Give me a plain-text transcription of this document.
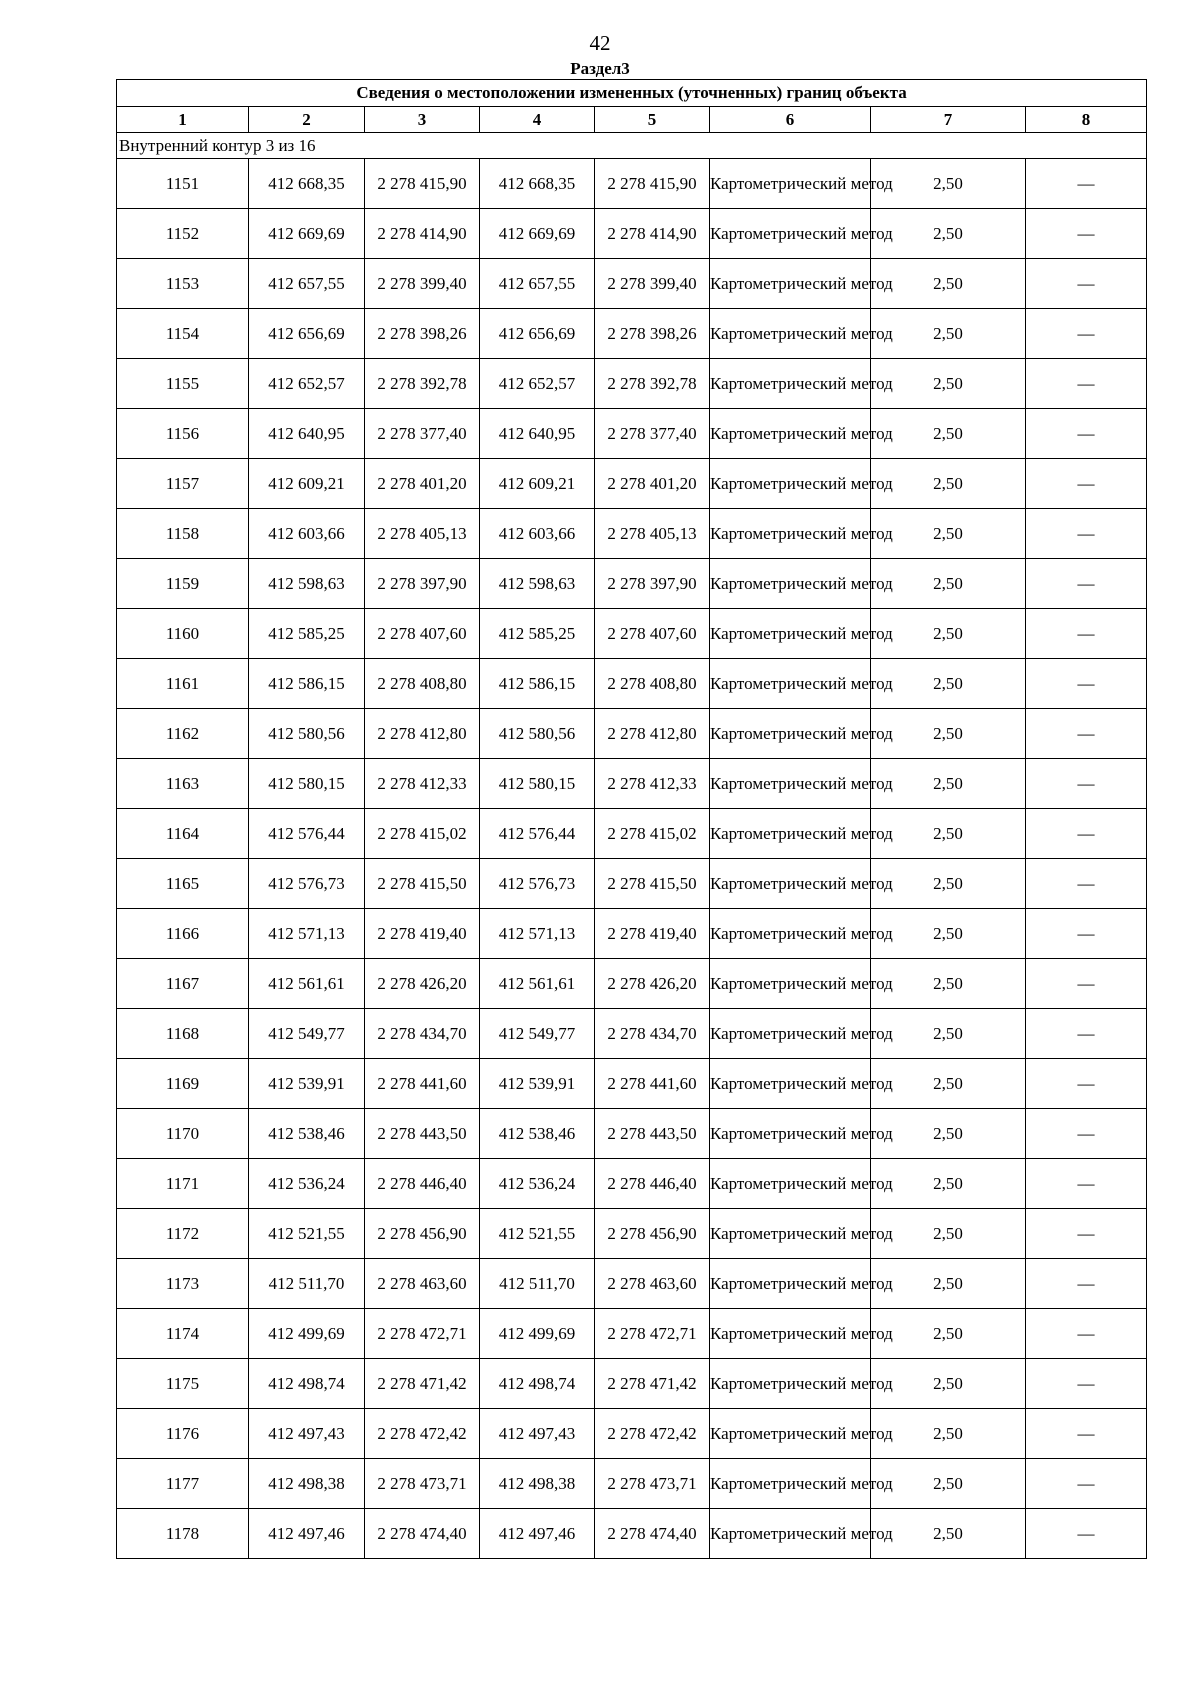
42
Раздел3
Сведения о местоположении измененных (уточненных) границ объекта							
1	2	3	4	5	6	7	8
Внутренний контур 3 из 16							
1151	412 668,35	2 278 415,90	412 668,35	2 278 415,90	Картометрический метод	2,50	—
1152	412 669,69	2 278 414,90	412 669,69	2 278 414,90	Картометрический метод	2,50	—
1153	412 657,55	2 278 399,40	412 657,55	2 278 399,40	Картометрический метод	2,50	—
1154	412 656,69	2 278 398,26	412 656,69	2 278 398,26	Картометрический метод	2,50	—
1155	412 652,57	2 278 392,78	412 652,57	2 278 392,78	Картометрический метод	2,50	—
1156	412 640,95	2 278 377,40	412 640,95	2 278 377,40	Картометрический метод	2,50	—
1157	412 609,21	2 278 401,20	412 609,21	2 278 401,20	Картометрический метод	2,50	—
1158	412 603,66	2 278 405,13	412 603,66	2 278 405,13	Картометрический метод	2,50	—
1159	412 598,63	2 278 397,90	412 598,63	2 278 397,90	Картометрический метод	2,50	—
1160	412 585,25	2 278 407,60	412 585,25	2 278 407,60	Картометрический метод	2,50	—
1161	412 586,15	2 278 408,80	412 586,15	2 278 408,80	Картометрический метод	2,50	—
1162	412 580,56	2 278 412,80	412 580,56	2 278 412,80	Картометрический метод	2,50	—
1163	412 580,15	2 278 412,33	412 580,15	2 278 412,33	Картометрический метод	2,50	—
1164	412 576,44	2 278 415,02	412 576,44	2 278 415,02	Картометрический метод	2,50	—
1165	412 576,73	2 278 415,50	412 576,73	2 278 415,50	Картометрический метод	2,50	—
1166	412 571,13	2 278 419,40	412 571,13	2 278 419,40	Картометрический метод	2,50	—
1167	412 561,61	2 278 426,20	412 561,61	2 278 426,20	Картометрический метод	2,50	—
1168	412 549,77	2 278 434,70	412 549,77	2 278 434,70	Картометрический метод	2,50	—
1169	412 539,91	2 278 441,60	412 539,91	2 278 441,60	Картометрический метод	2,50	—
1170	412 538,46	2 278 443,50	412 538,46	2 278 443,50	Картометрический метод	2,50	—
1171	412 536,24	2 278 446,40	412 536,24	2 278 446,40	Картометрический метод	2,50	—
1172	412 521,55	2 278 456,90	412 521,55	2 278 456,90	Картометрический метод	2,50	—
1173	412 511,70	2 278 463,60	412 511,70	2 278 463,60	Картометрический метод	2,50	—
1174	412 499,69	2 278 472,71	412 499,69	2 278 472,71	Картометрический метод	2,50	—
1175	412 498,74	2 278 471,42	412 498,74	2 278 471,42	Картометрический метод	2,50	—
1176	412 497,43	2 278 472,42	412 497,43	2 278 472,42	Картометрический метод	2,50	—
1177	412 498,38	2 278 473,71	412 498,38	2 278 473,71	Картометрический метод	2,50	—
1178	412 497,46	2 278 474,40	412 497,46	2 278 474,40	Картометрический метод	2,50	—
